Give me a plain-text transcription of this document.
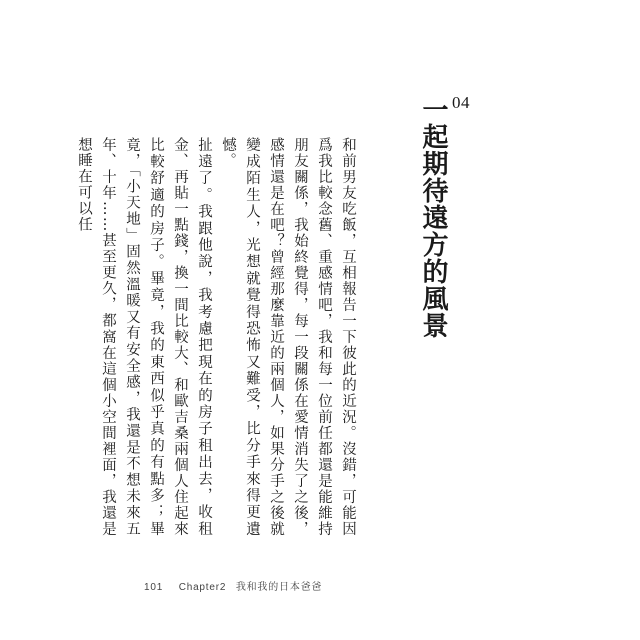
04
一起期待遠方的風景

和前男友吃飯，互相報告一下彼此的近況。沒錯，可能因爲我比較念舊、重感情吧，我和每一位前任都還是能維持朋友關係，我始終覺得，每一段關係在愛情消失了之後，感情還是在吧？曾經那麼靠近的兩個人，如果分手之後就變成陌生人，光想就覺得恐怖又難受，比分手來得更遺憾。

扯遠了。我跟他說，我考慮把現在的房子租出去，收租金、再貼一點錢，換一間比較大、和歐吉桑兩個人住起來比較舒適的房子。畢竟，我的東西似乎真的有點多；畢竟，「小天地」固然溫暖又有安全感，我還是不想未來五年、十年……甚至更久，都窩在這個小空間裡面，我還是想睡在可以任

101 Chapter2 我和我的日本爸爸
